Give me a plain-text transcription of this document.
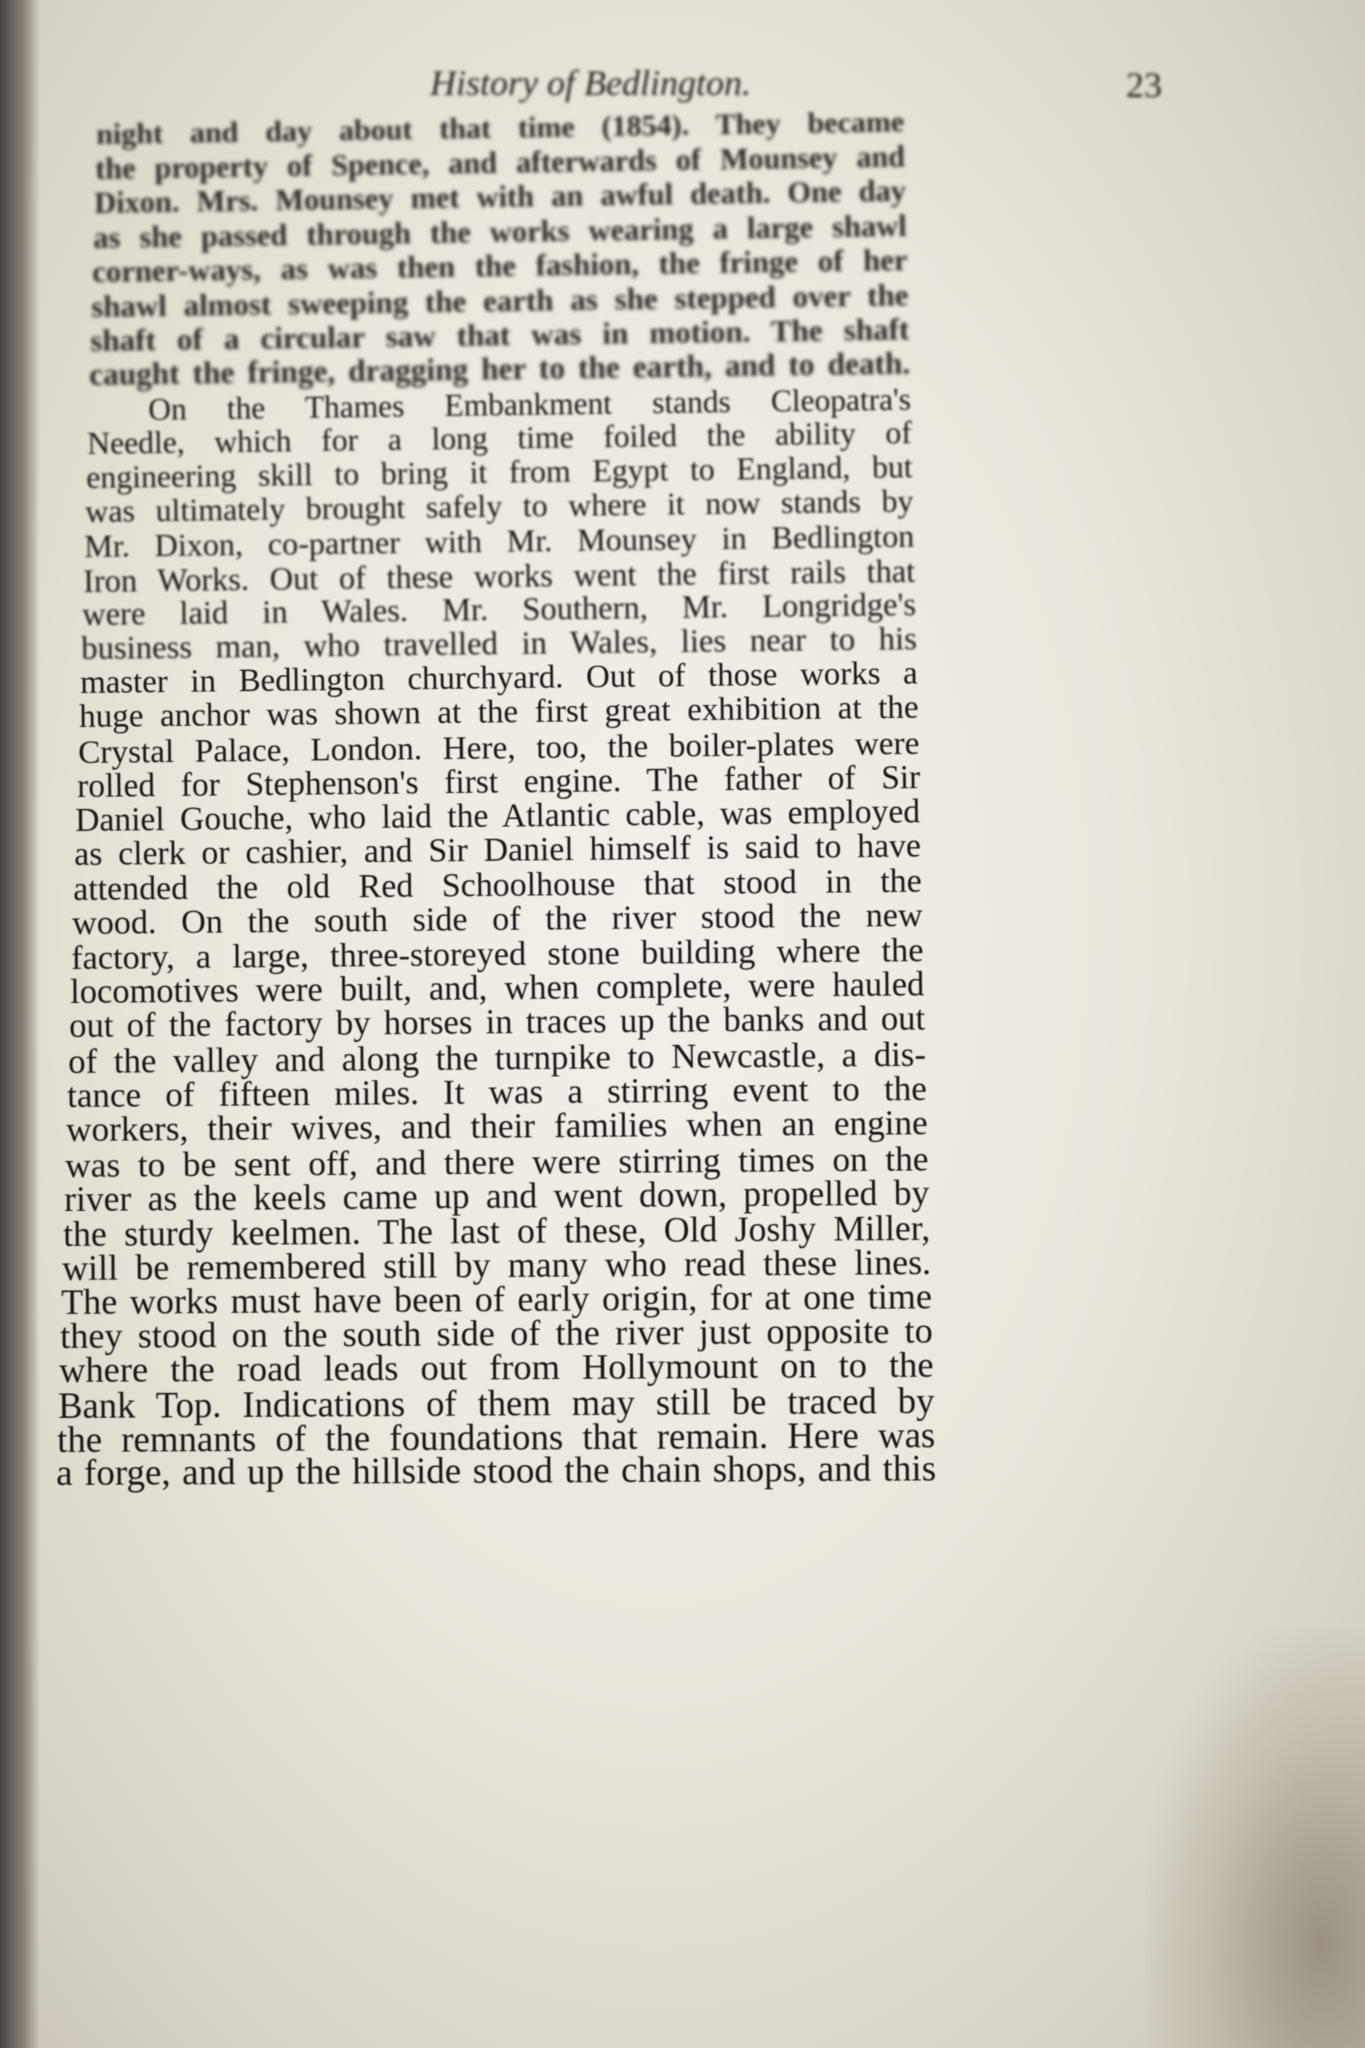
History of Bedlington.	23
night and day about that time (1854). They became
the property of Spence, and afterwards of Mounsey and
Dixon. Mrs. Mounsey met with an awful death. One day
as she passed through the works wearing a large shawl
corner-ways, as was then the fashion, the fringe of her
shawl almost sweeping the earth as she stepped over the
shaft of a circular saw that was in motion. The shaft
caught the fringe, dragging her to the earth, and to death.
On the Thames Embankment stands Cleopatra's
Needle, which for a long time foiled the ability of
engineering skill to bring it from Egypt to England, but
was ultimately brought safely to where it now stands by
Mr. Dixon, co-partner with Mr. Mounsey in Bedlington
Iron Works. Out of these works went the first rails that
were laid in Wales. Mr. Southern, Mr. Longridge's
business man, who travelled in Wales, lies near to his
master in Bedlington churchyard. Out of those works a
huge anchor was shown at the first great exhibition at the
Crystal Palace, London. Here, too, the boiler-plates were
rolled for Stephenson's first engine. The father of Sir
Daniel Gouche, who laid the Atlantic cable, was employed
as clerk or cashier, and Sir Daniel himself is said to have
attended the old Red Schoolhouse that stood in the
wood. On the south side of the river stood the new
factory, a large, three-storeyed stone building where the
locomotives were built, and, when complete, were hauled
out of the factory by horses in traces up the banks and out
of the valley and along the turnpike to Newcastle, a dis-
tance of fifteen miles. It was a stirring event to the
workers, their wives, and their families when an engine
was to be sent off, and there were stirring times on the
river as the keels came up and went down, propelled by
the sturdy keelmen. The last of these, Old Joshy Miller,
will be remembered still by many who read these lines.
The works must have been of early origin, for at one time
they stood on the south side of the river just opposite to
where the road leads out from Hollymount on to the
Bank Top. Indications of them may still be traced by
the remnants of the foundations that remain. Here was
a forge, and up the hillside stood the chain shops, and this
